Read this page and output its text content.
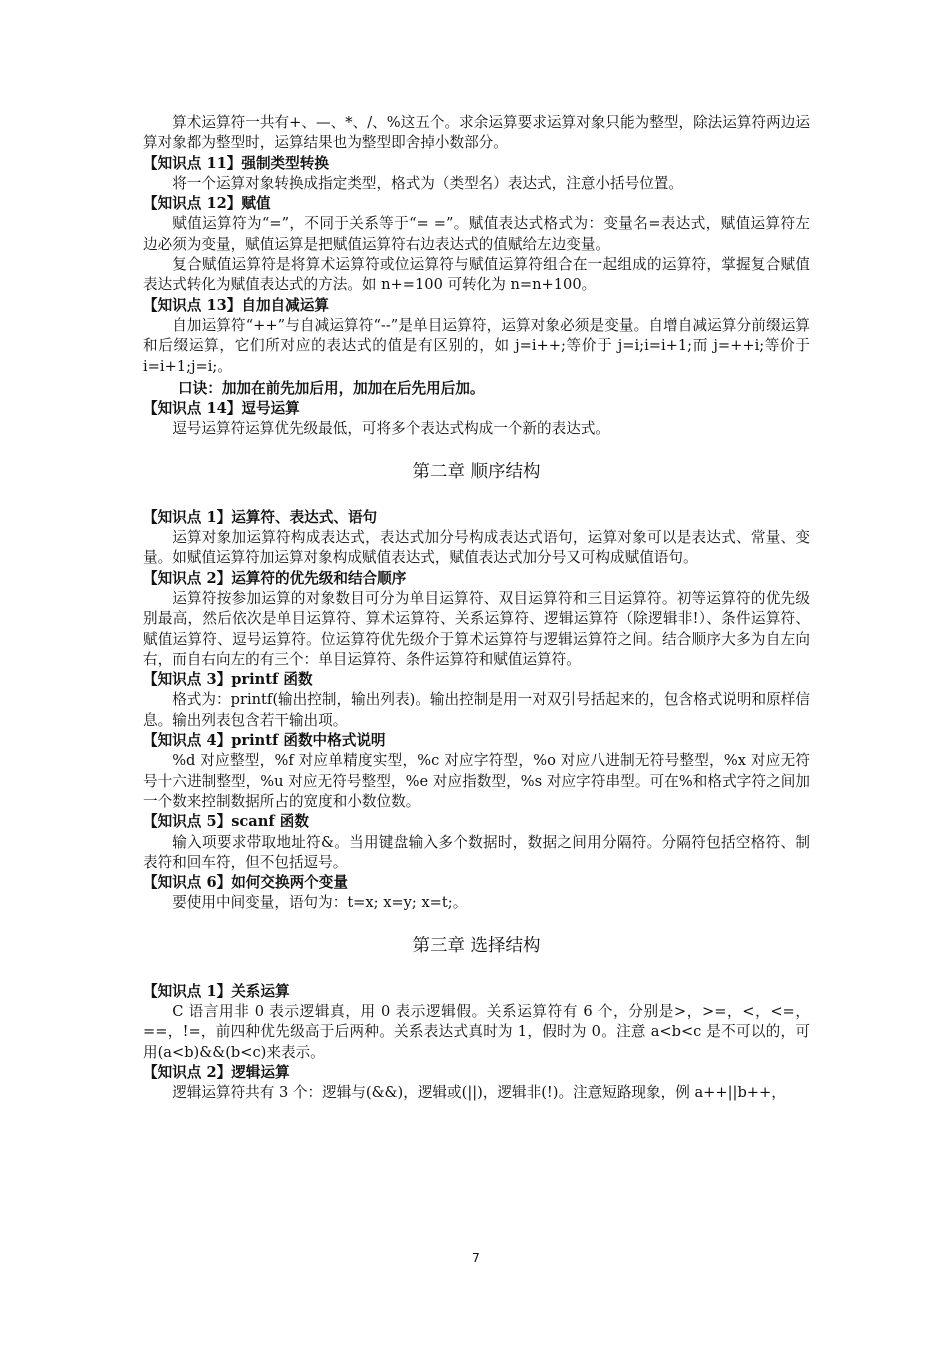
算术运算符一共有+、—、*、/、%这五个。求余运算要求运算对象只能为整型，除法运算符两边运算对象都为整型时，运算结果也为整型即舍掉小数部分。

【知识点 11】强制类型转换

将一个运算对象转换成指定类型，格式为（类型名）表达式，注意小括号位置。

【知识点 12】赋值

赋值运算符为“=”，不同于关系等于“= =”。赋值表达式格式为：变量名=表达式，赋值运算符左边必须为变量，赋值运算是把赋值运算符右边表达式的值赋给左边变量。

复合赋值运算符是将算术运算符或位运算符与赋值运算符组合在一起组成的运算符，掌握复合赋值表达式转化为赋值表达式的方法。如 n+=100 可转化为 n=n+100。

【知识点 13】自加自减运算

自加运算符“++”与自减运算符“--”是单目运算符，运算对象必须是变量。自增自减运算分前缀运算和后缀运算，它们所对应的表达式的值是有区别的，如 j=i++;等价于 j=i;i=i+1;而 j=++i;等价于 i=i+1;j=i;。

口诀：加加在前先加后用，加加在后先用后加。

【知识点 14】逗号运算

逗号运算符运算优先级最低，可将多个表达式构成一个新的表达式。

第二章 顺序结构

【知识点 1】运算符、表达式、语句

运算对象加运算符构成表达式，表达式加分号构成表达式语句，运算对象可以是表达式、常量、变量。如赋值运算符加运算对象构成赋值表达式，赋值表达式加分号又可构成赋值语句。

【知识点 2】运算符的优先级和结合顺序

运算符按参加运算的对象数目可分为单目运算符、双目运算符和三目运算符。初等运算符的优先级别最高，然后依次是单目运算符、算术运算符、关系运算符、逻辑运算符（除逻辑非!）、条件运算符、赋值运算符、逗号运算符。位运算符优先级介于算术运算符与逻辑运算符之间。结合顺序大多为自左向右，而自右向左的有三个：单目运算符、条件运算符和赋值运算符。

【知识点 3】printf 函数

格式为：printf(输出控制，输出列表)。输出控制是用一对双引号括起来的，包含格式说明和原样信息。输出列表包含若干输出项。

【知识点 4】printf 函数中格式说明

%d 对应整型，%f 对应单精度实型，%c 对应字符型，%o 对应八进制无符号整型，%x 对应无符号十六进制整型，%u 对应无符号整型，%e 对应指数型，%s 对应字符串型。可在%和格式字符之间加一个数来控制数据所占的宽度和小数位数。

【知识点 5】scanf 函数

输入项要求带取地址符&。当用键盘输入多个数据时，数据之间用分隔符。分隔符包括空格符、制表符和回车符，但不包括逗号。

【知识点 6】如何交换两个变量

要使用中间变量，语句为：t=x; x=y; x=t;。

第三章 选择结构

【知识点 1】关系运算

C 语言用非 0 表示逻辑真，用 0 表示逻辑假。关系运算符有 6 个，分别是>，>=，<，<=，==，!=，前四种优先级高于后两种。关系表达式真时为 1，假时为 0。注意 a<b<c 是不可以的，可用(a<b)&&(b<c)来表示。

【知识点 2】逻辑运算

逻辑运算符共有 3 个：逻辑与(&&)，逻辑或(||)，逻辑非(!)。注意短路现象，例 a++||b++，

7
